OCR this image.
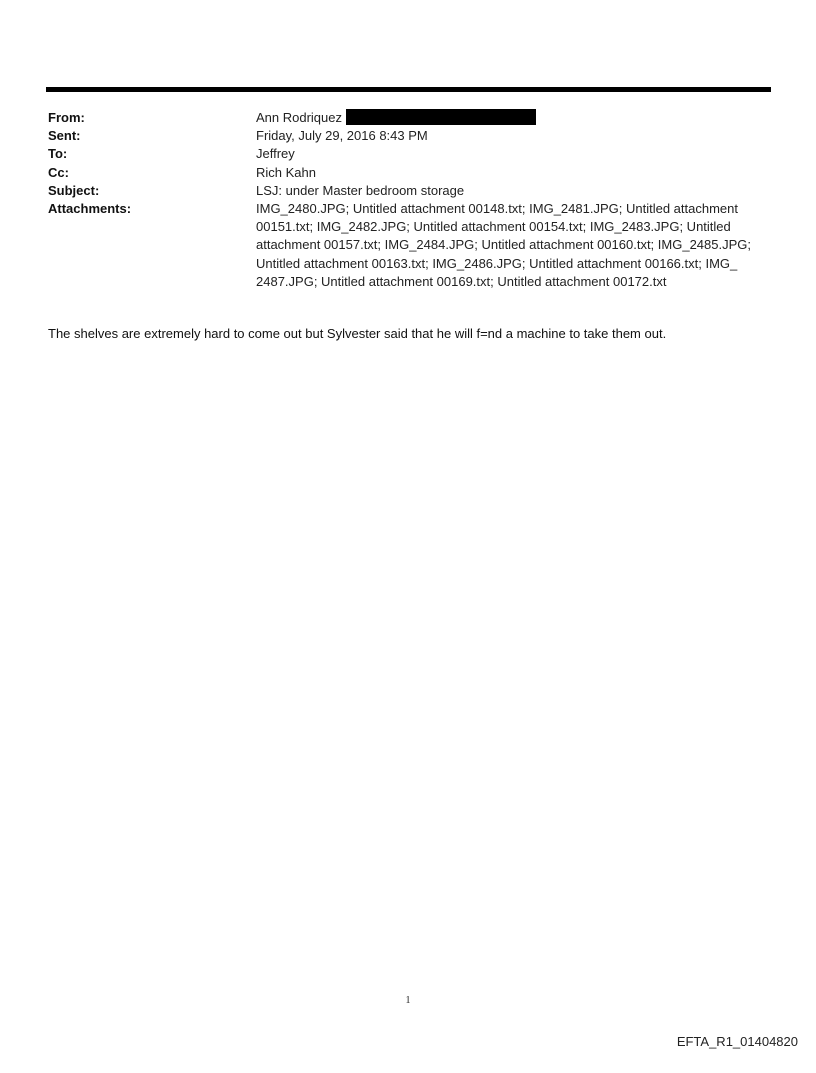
From:	Ann Rodriquez
Sent:	Friday, July 29, 2016 8:43 PM
To:	Jeffrey
Cc:	Rich Kahn
Subject:	LSJ: under Master bedroom storage
Attachments:	IMG_2480.JPG; Untitled attachment 00148.txt; IMG_2481.JPG; Untitled attachment
00151.txt; IMG_2482.JPG; Untitled attachment 00154.txt; IMG_2483.JPG; Untitled
attachment 00157.txt; IMG_2484.JPG; Untitled attachment 00160.txt; IMG_2485.JPG;
Untitled attachment 00163.txt; IMG_2486.JPG; Untitled attachment 00166.txt; IMG_
2487.JPG; Untitled attachment 00169.txt; Untitled attachment 00172.txt
The shelves are extremely hard to come out but Sylvester said that he will f=nd a machine to take them out.
1
EFTA_R1_01404820
